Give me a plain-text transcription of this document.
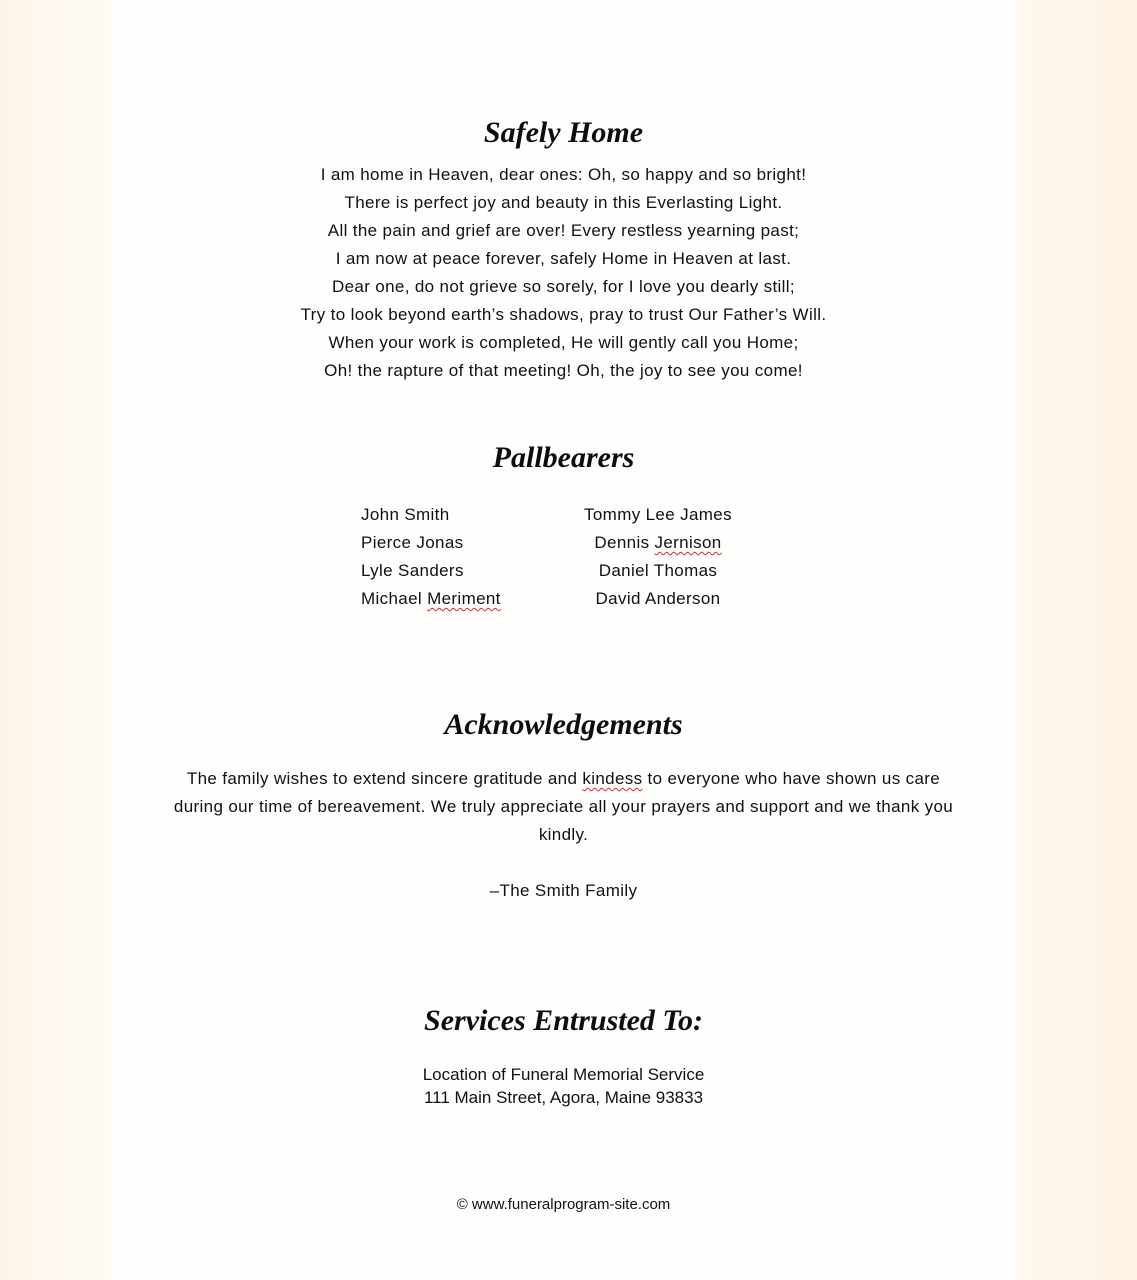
Safely Home
I am home in Heaven, dear ones: Oh, so happy and so bright!
There is perfect joy and beauty in this Everlasting Light.
All the pain and grief are over! Every restless yearning past;
I am now at peace forever, safely Home in Heaven at last.
Dear one, do not grieve so sorely, for I love you dearly still;
Try to look beyond earth’s shadows, pray to trust Our Father’s Will.
When your work is completed, He will gently call you Home;
Oh! the rapture of that meeting! Oh, the joy to see you come!
Pallbearers
John Smith
Pierce Jonas
Lyle Sanders
Michael Meriment
Tommy Lee James
Dennis Jernison
Daniel Thomas
David Anderson
Acknowledgements
The family wishes to extend sincere gratitude and kindess to everyone who have shown us care during our time of bereavement. We truly appreciate all your prayers and support and we thank you kindly.
–The Smith Family
Services Entrusted To:
Location of Funeral Memorial Service
111 Main Street, Agora, Maine 93833
© www.funeralprogram-site.com
